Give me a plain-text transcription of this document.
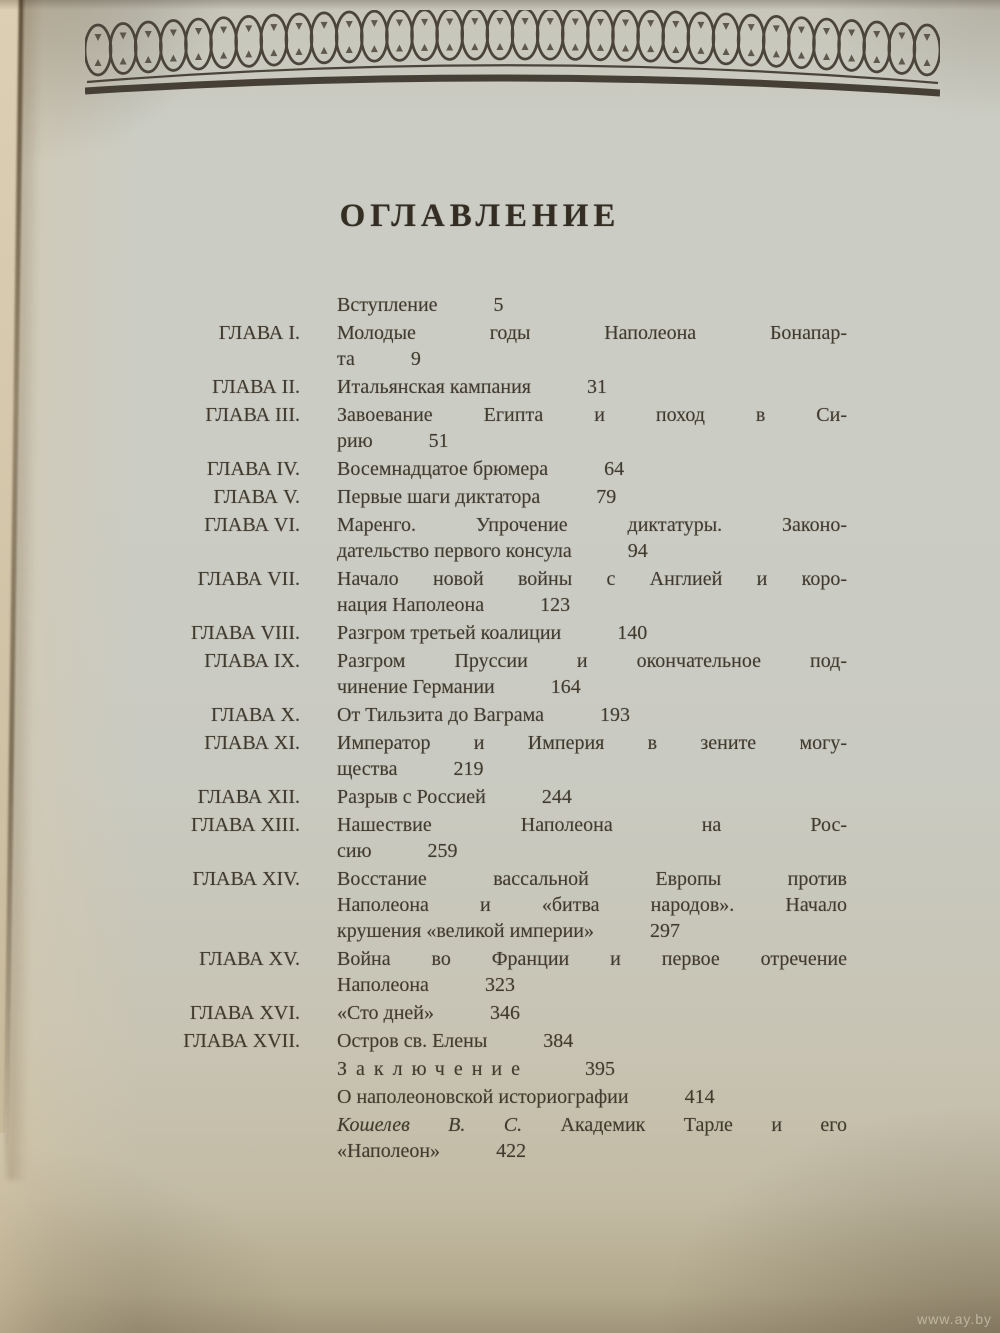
ОГЛАВЛЕНИЕ

Вступление	5
ГЛАВА I. Молодые годы Наполеона Бонапар-
та	9
ГЛАВА II. Итальянская кампания	31
ГЛАВА III. Завоевание Египта и поход в Си-
рию	51
ГЛАВА IV. Восемнадцатое брюмера	64
ГЛАВА V. Первые шаги диктатора	79
ГЛАВА VI. Маренго. Упрочение диктатуры. Законо-
дательство первого консула	94
ГЛАВА VII. Начало новой войны с Англией и коро-
нация Наполеона	123
ГЛАВА VIII. Разгром третьей коалиции	140
ГЛАВА IX. Разгром Пруссии и окончательное под-
чинение Германии	164
ГЛАВА X. От Тильзита до Ваграма	193
ГЛАВА XI. Император и Империя в зените могу-
щества	219
ГЛАВА XII. Разрыв с Россией	244
ГЛАВА XIII. Нашествие Наполеона на Рос-
сию	259
ГЛАВА XIV. Восстание вассальной Европы против
Наполеона и «битва народов». Начало
крушения «великой империи»	297
ГЛАВА XV. Война во Франции и первое отречение
Наполеона	323
ГЛАВА XVI. «Сто дней»	346
ГЛАВА XVII. Остров св. Елены	384

Заключение	395

О наполеоновской историографии	414

Кошелев В. С. Академик Тарле и его
«Наполеон»	422
www.ay.by
